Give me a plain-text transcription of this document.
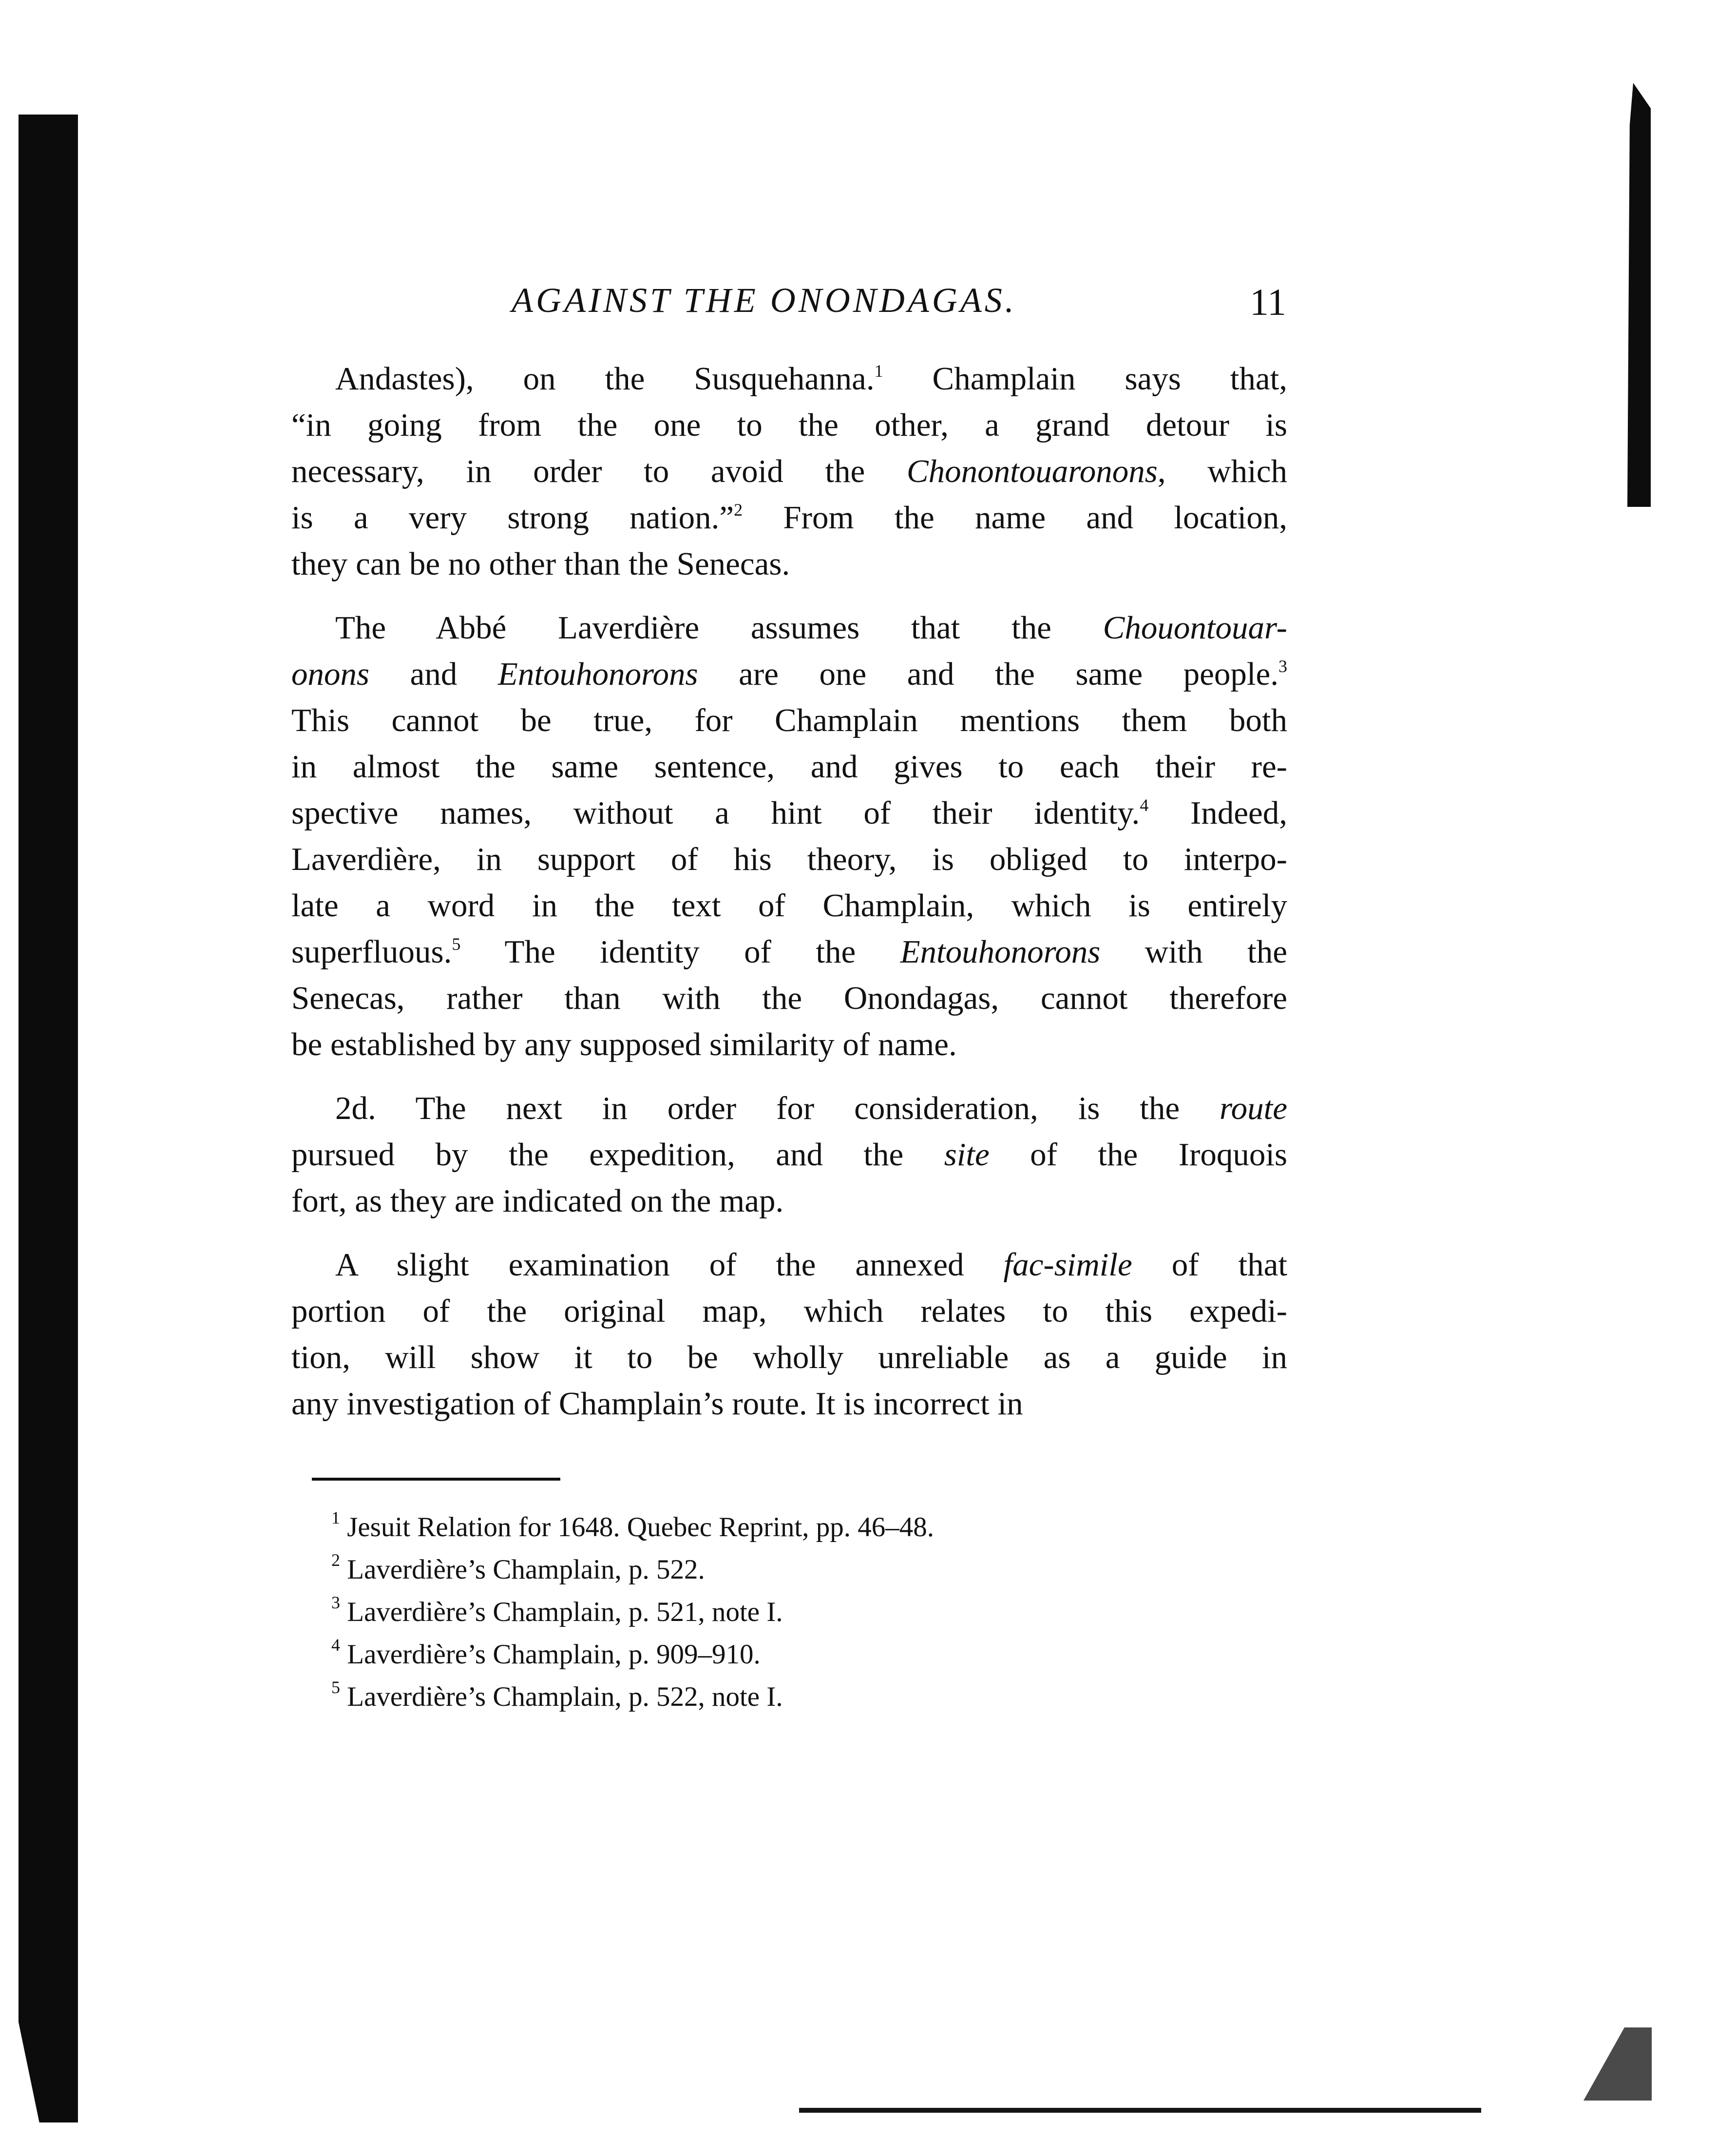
AGAINST THE ONONDAGAS.	11
Andastes), on the Susquehanna.$^1$ Champlain says that,
“in going from the one to the other, a grand detour is
necessary, in order to avoid the Chonontouaronons, which
is a very strong nation.”$^2$ From the name and location,
they can be no other than the Senecas.
The Abbé Laverdière assumes that the Chouontouar-
onons and Entouhonorons are one and the same people.$^3$
This cannot be true, for Champlain mentions them both
in almost the same sentence, and gives to each their re-
spective names, without a hint of their identity.$^4$ Indeed,
Laverdière, in support of his theory, is obliged to interpo-
late a word in the text of Champlain, which is entirely
superfluous.$^5$ The identity of the Entouhonorons with the
Senecas, rather than with the Onondagas, cannot therefore
be established by any supposed similarity of name.
2d. The next in order for consideration, is the route
pursued by the expedition, and the site of the Iroquois
fort, as they are indicated on the map.
A slight examination of the annexed fac-simile of that
portion of the original map, which relates to this expedi-
tion, will show it to be wholly unreliable as a guide in
any investigation of Champlain’s route. It is incorrect in
$^1$ Jesuit Relation for 1648. Quebec Reprint, pp. 46–48.
$^2$ Laverdière’s Champlain, p. 522.
$^3$ Laverdière’s Champlain, p. 521, note I.
$^4$ Laverdière’s Champlain, p. 909–910.
$^5$ Laverdière’s Champlain, p. 522, note I.
